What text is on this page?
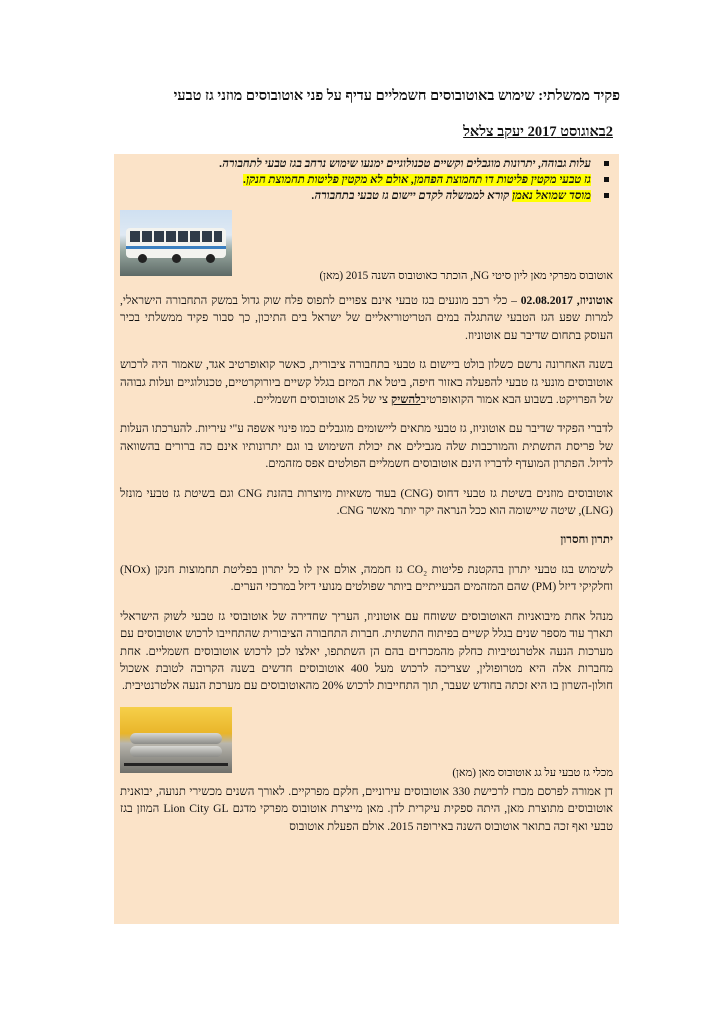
פקיד ממשלתי: שימוש באוטובוסים חשמליים עדיף על פני אוטובוסים מוזני גז טבעי
2באוגוסט 2017 יעקב צלאל
עלות גבוהה, יתרונות מוגבלים וקשיים טכנולוגיים ימנעו שימוש נרחב בגז טבעי לתחבורה.
גז טבעי מקטין פליטות דו תחמוצת הפחמן, אולם לא מקטין פליטות תחמוצת חנקן.
מוסד שמואל נאמן קורא לממשלה לקדם יישום גז טבעי בתחבורה.
אוטובוס מפרקי מאן ליון סיטי NG, הוכתר כאוטובוס השנה 2015 (מאן)

אוטוניוז, 02.08.2017 – כלי רכב מונעים בגז טבעי אינם צפויים לתפוס פלח שוק גדול במשק התחבורה הישראלי, למרות שפע הגז הטבעי שהתגלה במים הטריטוריאליים של ישראל בים התיכון, כך סבור פקיד ממשלתי בכיר העוסק בתחום שדיבר עם אוטוניוז.

בשנה האחרונה נרשם כשלון בולט ביישום גז טבעי בתחבורה ציבורית, כאשר קואופרטיב אגד, שאמור היה לרכוש אוטובוסים מונעי גז טבעי להפעלה באזור חיפה, ביטל את המיזם בגלל קשיים ביורוקרטיים, טכנולוגיים ועלות גבוהה של הפרויקט. בשבוע הבא אמור הקואופרטיבלהשיק צי של 25 אוטובוסים חשמליים.

לדברי הפקיד שדיבר עם אוטוניוז, גז טבעי מתאים ליישומים מוגבלים כמו פינוי אשפה ע"י עיריות. להערכתו העלות של פריסת התשתית והמורכבות שלה מגבילים את יכולת השימוש בו וגם יתרונותיו אינם כה ברורים בהשוואה לדיזל. הפתרון המועדף לדבריו הינם אוטובוסים חשמליים הפולטים אפס מזהמים.

אוטובוסים מוזנים בשיטת גז טבעי דחוס (CNG) בעוד משאיות מיוצרות בהזנת CNG וגם בשיטת גז טבעי מונזל (LNG), שיטה שיישומה הוא ככל הנראה יקר יותר מאשר CNG.

יתרון וחסרון

לשימוש בגז טבעי יתרון בהקטנת פליטות CO₂ גז חממה, אולם אין לו כל יתרון בפליטת תחמוצות חנקן (NOx) וחלקיקי דיזל (PM) שהם המזהמים הבעייתיים ביותר שפולטים מנועי דיזל במרכזי הערים.

מנהל אחת מיבואניות האוטובוסים ששוחח עם אוטוניוז, העריך שחדירה של אוטובוסי גז טבעי לשוק הישראלי תארך עוד מספר שנים בגלל קשיים בפיתוח התשתית. חברות התחבורה הציבורית שהתחייבו לרכוש אוטובוסים עם מערכות הנעה אלטרנטיביות כחלק מהמכרזים בהם הן השתתפו, יאלצו לכן לרכוש אוטובוסים חשמליים. אחת מחברות אלה היא מטרופולין, שצריכה לרכוש מעל 400 אוטובוסים חדשים בשנה הקרובה לטובת אשכול חולון-השרון בו היא זכתה בחודש שעבר, תוך התחייבות לרכוש 20% מהאוטובוסים עם מערכת הנעה אלטרנטיבית.

מכלי גז טבעי על גג אוטובוס מאן (מאן)

דן אמורה לפרסם מכרז לרכישת 330 אוטובוסים עירוניים, חלקם מפרקיים. לאורך השנים מכשירי תנועה, יבואנית אוטובוסים מתוצרת מאן, היתה ספקית עיקרית לדן. מאן מייצרת אוטובוס מפרקי מדגם Lion City GL המוזן בגז טבעי ואף זכה בתואר אוטובוס השנה באירופה 2015. אולם הפעלת אוטובוס
